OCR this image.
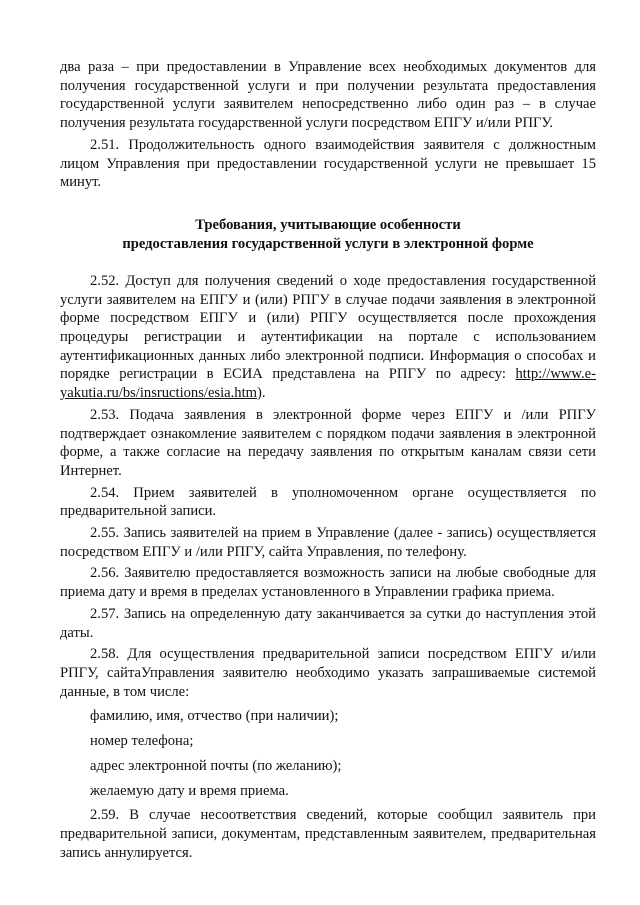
два раза – при предоставлении в Управление всех необходимых документов для получения государственной услуги и при получении результата предоставления государственной услуги заявителем непосредственно либо один раз – в случае получения результата государственной услуги посредством ЕПГУ и/или РПГУ.

2.51. Продолжительность одного взаимодействия заявителя с должностным лицом Управления при предоставлении государственной услуги не превышает 15 минут.

Требования, учитывающие особенности
предоставления государственной услуги в электронной форме

2.52. Доступ для получения сведений о ходе предоставления государственной услуги заявителем на ЕПГУ и (или) РПГУ в случае подачи заявления в электронной форме посредством ЕПГУ и (или) РПГУ осуществляется после прохождения процедуры регистрации и аутентификации на портале с использованием аутентификационных данных либо электронной подписи. Информация о способах и порядке регистрации в ЕСИА представлена на РПГУ по адресу: http://www.e-yakutia.ru/bs/insructions/esia.htm).

2.53. Подача заявления в электронной форме через ЕПГУ и /или РПГУ подтверждает ознакомление заявителем с порядком подачи заявления в электронной форме, а также согласие на передачу заявления по открытым каналам связи сети Интернет.

2.54. Прием заявителей в уполномоченном органе осуществляется по предварительной записи.

2.55. Запись заявителей на прием в Управление (далее - запись) осуществляется посредством ЕПГУ и /или РПГУ, сайта Управления, по телефону.

2.56. Заявителю предоставляется возможность записи на любые свободные для приема дату и время в пределах установленного в Управлении графика приема.

2.57. Запись на определенную дату заканчивается за сутки до наступления этой даты.

2.58. Для осуществления предварительной записи посредством ЕПГУ и/или РПГУ, сайтаУправления заявителю необходимо указать запрашиваемые системой данные, в том числе:

фамилию, имя, отчество (при наличии);

номер телефона;

адрес электронной почты (по желанию);

желаемую дату и время приема.

2.59. В случае несоответствия сведений, которые сообщил заявитель при предварительной записи, документам, представленным заявителем, предварительная запись аннулируется.
